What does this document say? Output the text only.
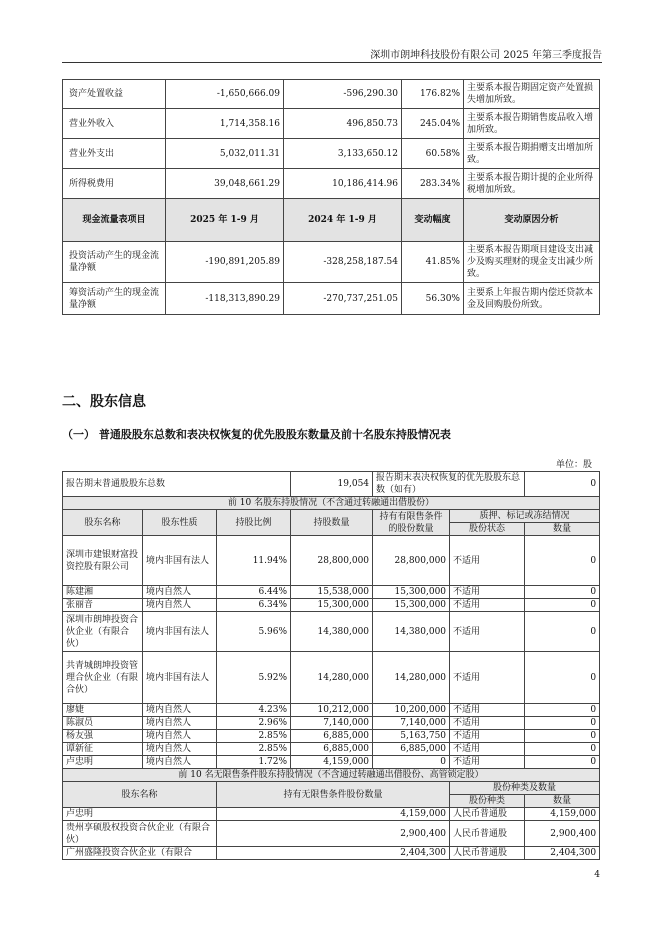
深圳市朗坤科技股份有限公司 2025 年第三季度报告
资产处置收益	-1,650,666.09	-596,290.30	176.82%	主要系本报告期固定资产处置损失增加所致。
营业外收入	1,714,358.16	496,850.73	245.04%	主要系本报告期销售废品收入增加所致。
营业外支出	5,032,011.31	3,133,650.12	60.58%	主要系本报告期捐赠支出增加所致。
所得税费用	39,048,661.29	10,186,414.96	283.34%	主要系本报告期计提的企业所得税增加所致。
现金流量表项目	2025 年 1-9 月	2024 年 1-9 月	变动幅度	变动原因分析
投资活动产生的现金流量净额	-190,891,205.89	-328,258,187.54	41.85%	主要系本报告期项目建设支出减少及购买理财的现金支出减少所致。
筹资活动产生的现金流量净额	-118,313,890.29	-270,737,251.05	56.30%	主要系上年报告期内偿还贷款本金及回购股份所致。
二、股东信息
（一） 普通股股东总数和表决权恢复的优先股股东数量及前十名股东持股情况表
单位：股
报告期末普通股股东总数			19,054	报告期末表决权恢复的优先股股东总数（如有）		0
前 10 名股东持股情况（不含通过转融通出借股份）						
股东名称	股东性质	持股比例	持股数量	持有有限售条件的股份数量	质押、标记或冻结情况	
					股份状态	数量
深圳市建银财富投资控股有限公司	境内非国有法人	11.94%	28,800,000	28,800,000	不适用	0
陈建湘	境内自然人	6.44%	15,538,000	15,300,000	不适用	0
张丽音	境内自然人	6.34%	15,300,000	15,300,000	不适用	0
深圳市朗坤投资合伙企业（有限合伙）	境内非国有法人	5.96%	14,380,000	14,380,000	不适用	0
共青城朗坤投资管理合伙企业（有限合伙）	境内非国有法人	5.92%	14,280,000	14,280,000	不适用	0
廖婕	境内自然人	4.23%	10,212,000	10,200,000	不适用	0
陈淑员	境内自然人	2.96%	7,140,000	7,140,000	不适用	0
杨友强	境内自然人	2.85%	6,885,000	5,163,750	不适用	0
谭新征	境内自然人	2.85%	6,885,000	6,885,000	不适用	0
卢忠明	境内自然人	1.72%	4,159,000	0	不适用	0
前 10 名无限售条件股东持股情况（不含通过转融通出借股份、高管锁定股）						
股东名称		持有无限售条件股份数量			股份种类及数量	
					股份种类	数量
卢忠明		4,159,000			人民币普通股	4,159,000
贵州享硕股权投资合伙企业（有限合伙）		2,900,400			人民币普通股	2,900,400
广州盛隆投资合伙企业（有限合		2,404,300			人民币普通股	2,404,300
4
